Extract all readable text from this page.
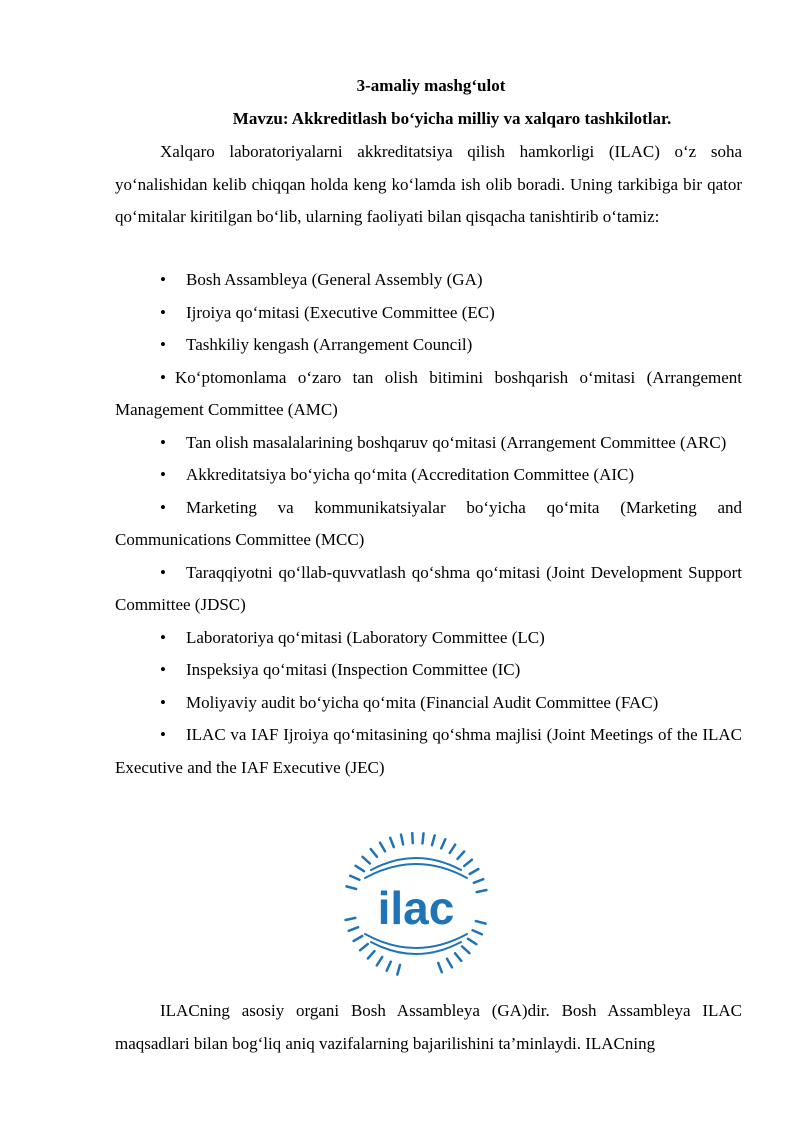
3-amaliy mashg‘ulot
Mavzu: Akkreditlash bo‘yicha milliy va xalqaro tashkilotlar.

Xalqaro laboratoriyalarni akkreditatsiya qilish hamkorligi (ILAC) o‘z soha yo‘nalishidan kelib chiqqan holda keng ko‘lamda ish olib boradi. Uning tarkibiga bir qator qo‘mitalar kiritilgan bo‘lib, ularning faoliyati bilan qisqacha tanishtirib o‘tamiz:

• Bosh Assambleya (General Assembly (GA)
• Ijroiya qo‘mitasi (Executive Committee (EC)
• Tashkiliy kengash (Arrangement Council)
• Ko‘ptomonlama o‘zaro tan olish bitimini boshqarish o‘mitasi (Arrangement Management Committee (AMC)
• Tan olish masalalarining boshqaruv qo‘mitasi (Arrangement Committee (ARC)
• Akkreditatsiya bo‘yicha qo‘mita (Accreditation Committee (AIC)
• Marketing va kommunikatsiyalar bo‘yicha qo‘mita (Marketing and Communications Committee (MCC)
• Taraqqiyotni qo‘llab-quvvatlash qo‘shma qo‘mitasi (Joint Development Support Committee (JDSC)
• Laboratoriya qo‘mitasi (Laboratory Committee (LC)
• Inspeksiya qo‘mitasi (Inspection Committee (IC)
• Moliyaviy audit bo‘yicha qo‘mita (Financial Audit Committee (FAC)
• ILAC va IAF Ijroiya qo‘mitasining qo‘shma majlisi (Joint Meetings of the ILAC Executive and the IAF Executive (JEC)
ilac

ILACning asosiy organi Bosh Assambleya (GA)dir. Bosh Assambleya ILAC maqsadlari bilan bog‘liq aniq vazifalarning bajarilishini ta’minlaydi. ILACning
